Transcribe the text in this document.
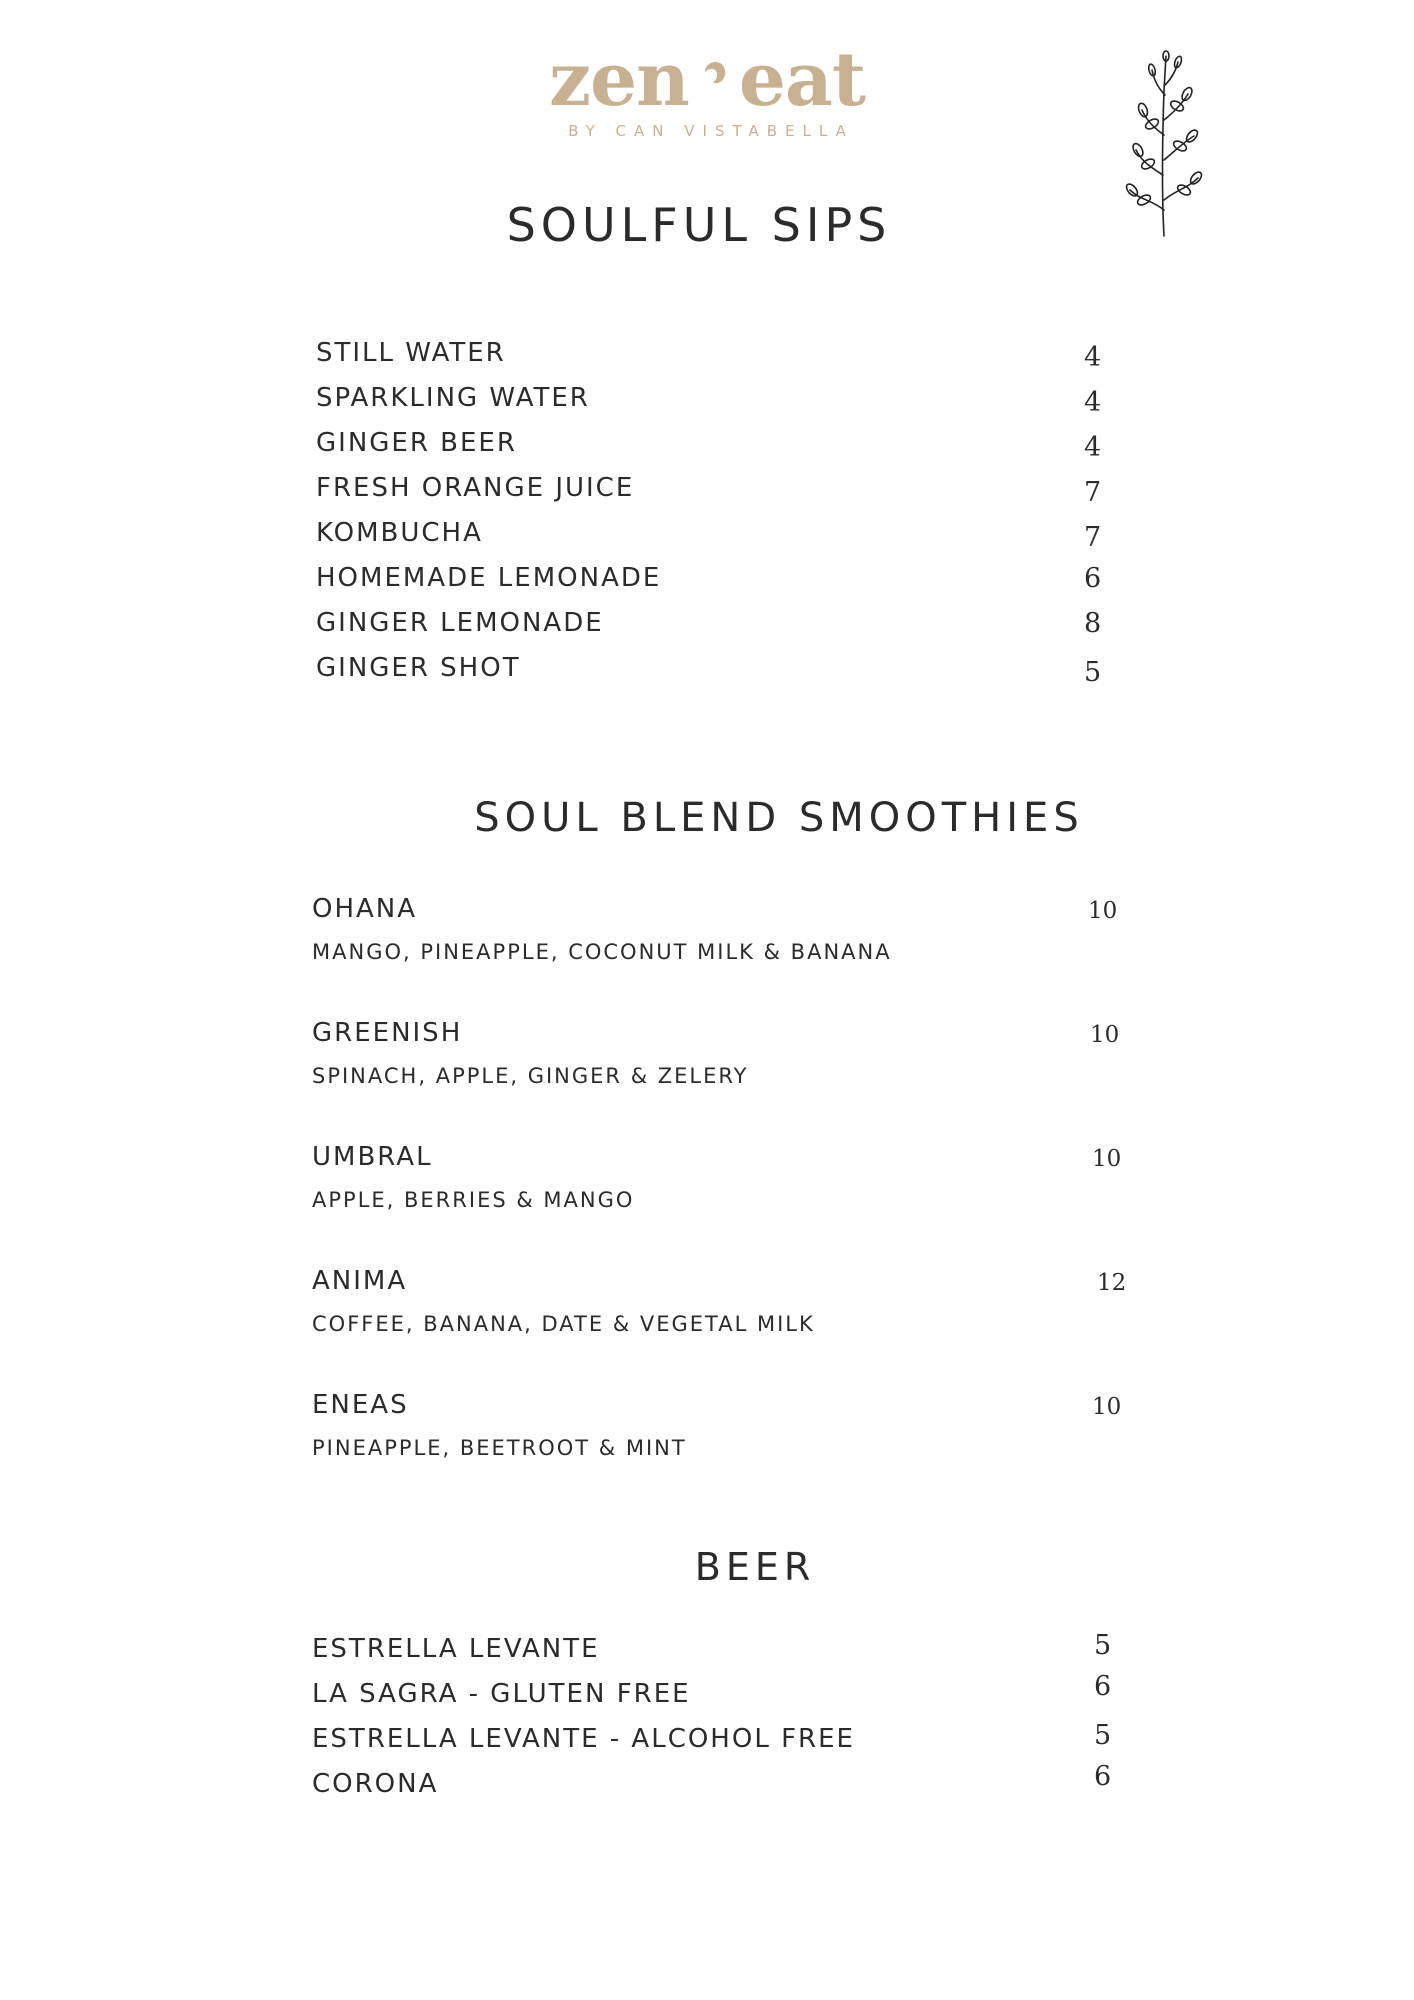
zen eat
BY CAN VISTABELLA
SOULFUL SIPS
STILL WATER	4
SPARKLING WATER	4
GINGER BEER	4
FRESH ORANGE JUICE	7
KOMBUCHA	7
HOMEMADE LEMONADE	6
GINGER LEMONADE	8
GINGER SHOT	5
SOUL BLEND SMOOTHIES
OHANA	10
MANGO, PINEAPPLE, COCONUT MILK & BANANA
GREENISH	10
SPINACH, APPLE, GINGER & ZELERY
UMBRAL	10
APPLE, BERRIES & MANGO
ANIMA	12
COFFEE, BANANA, DATE & VEGETAL MILK
ENEAS	10
PINEAPPLE, BEETROOT & MINT
BEER
ESTRELLA LEVANTE	5
LA SAGRA - GLUTEN FREE	6
ESTRELLA LEVANTE - ALCOHOL FREE	5
CORONA	6
